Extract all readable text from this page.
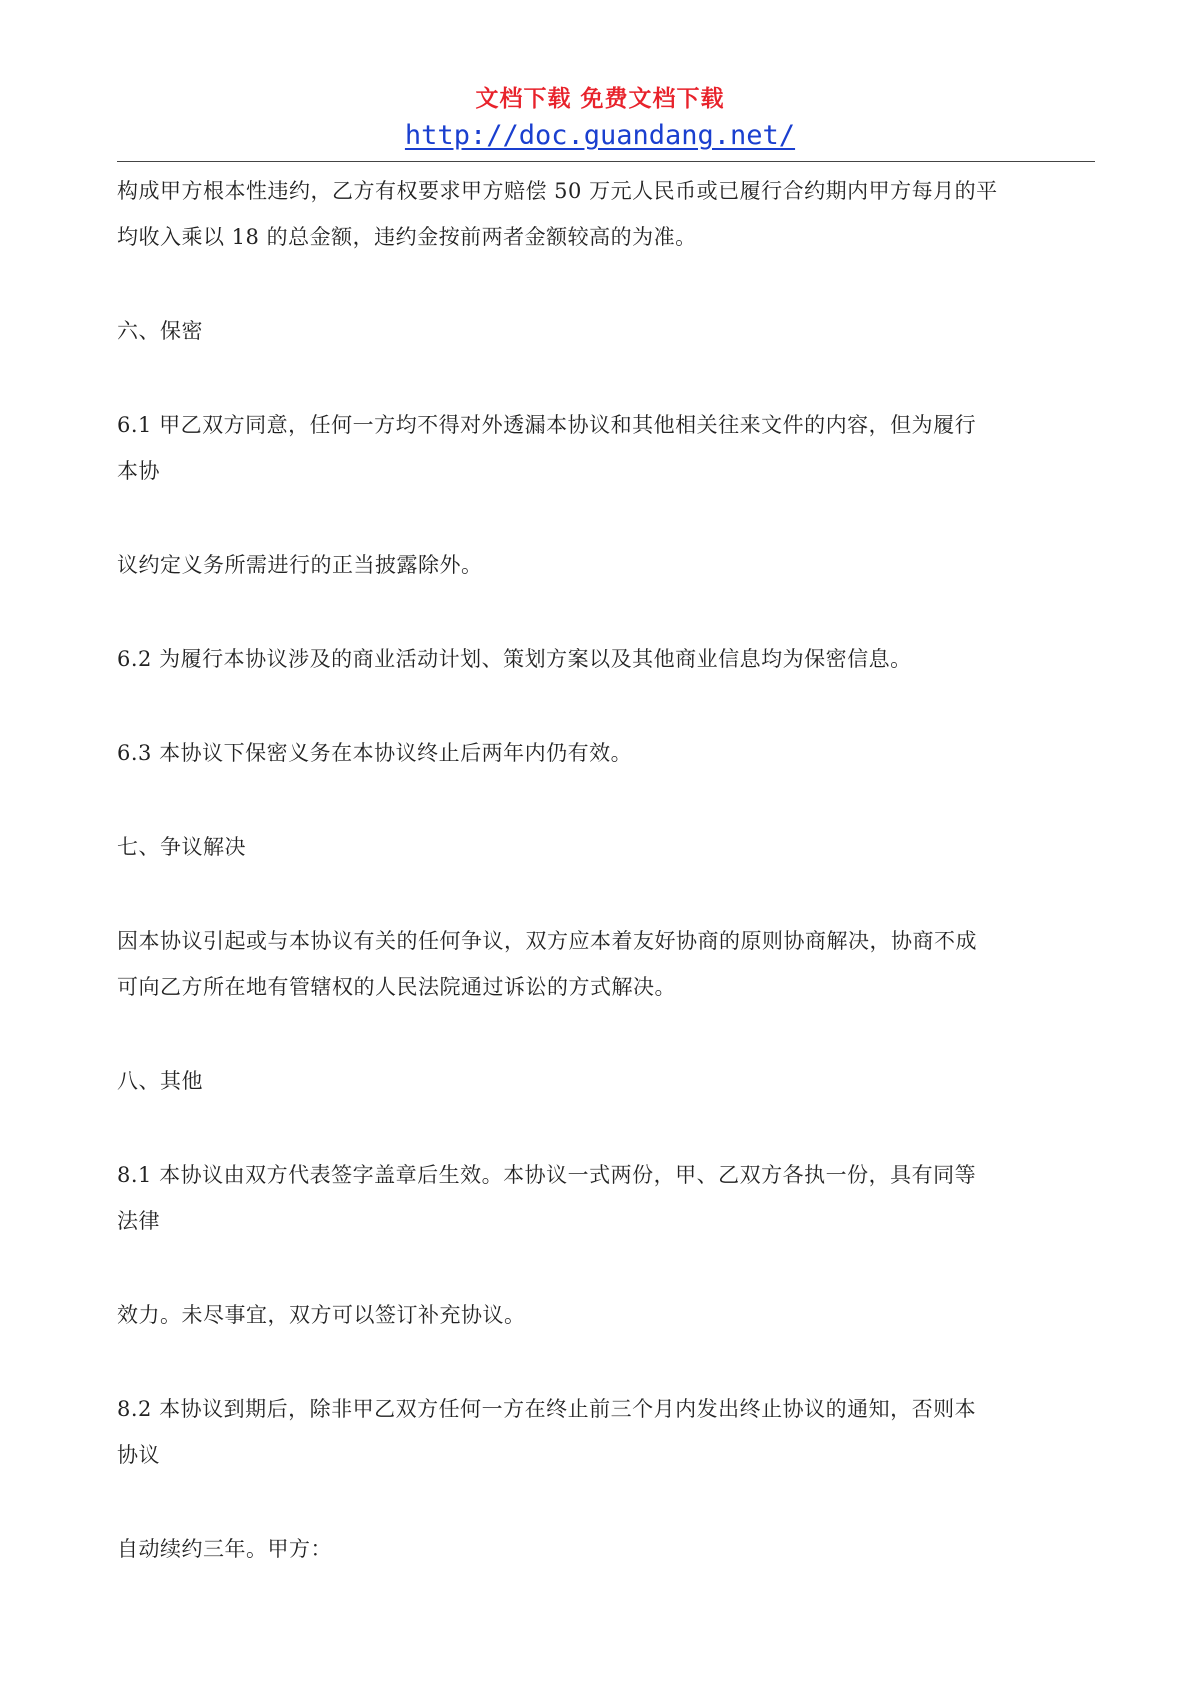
文档下载 免费文档下载
http://doc.guandang.net/

构成甲方根本性违约，乙方有权要求甲方赔偿 50 万元人民币或已履行合约期内甲方每月的平

均收入乘以 18 的总金额，违约金按前两者金额较高的为准。

六、保密

6.1 甲乙双方同意，任何一方均不得对外透漏本协议和其他相关往来文件的内容，但为履行

本协

议约定义务所需进行的正当披露除外。

6.2 为履行本协议涉及的商业活动计划、策划方案以及其他商业信息均为保密信息。

6.3 本协议下保密义务在本协议终止后两年内仍有效。

七、争议解决

因本协议引起或与本协议有关的任何争议，双方应本着友好协商的原则协商解决，协商不成

可向乙方所在地有管辖权的人民法院通过诉讼的方式解决。

八、其他

8.1 本协议由双方代表签字盖章后生效。本协议一式两份，甲、乙双方各执一份，具有同等

法律

效力。未尽事宜，双方可以签订补充协议。

8.2 本协议到期后，除非甲乙双方任何一方在终止前三个月内发出终止协议的通知，否则本

协议

自动续约三年。甲方：
